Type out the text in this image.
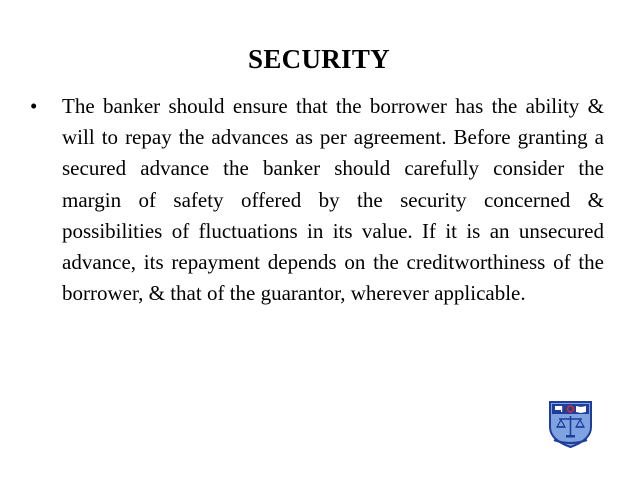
SECURITY
•	The banker should ensure that the borrower has the ability & will to repay the advances as per agreement. Before granting a secured advance the banker should carefully consider the margin of safety offered by the security concerned & possibilities of fluctuations in its value. If it is an unsecured advance, its repayment depends on the creditworthiness of the borrower, & that of the guarantor, wherever applicable.
